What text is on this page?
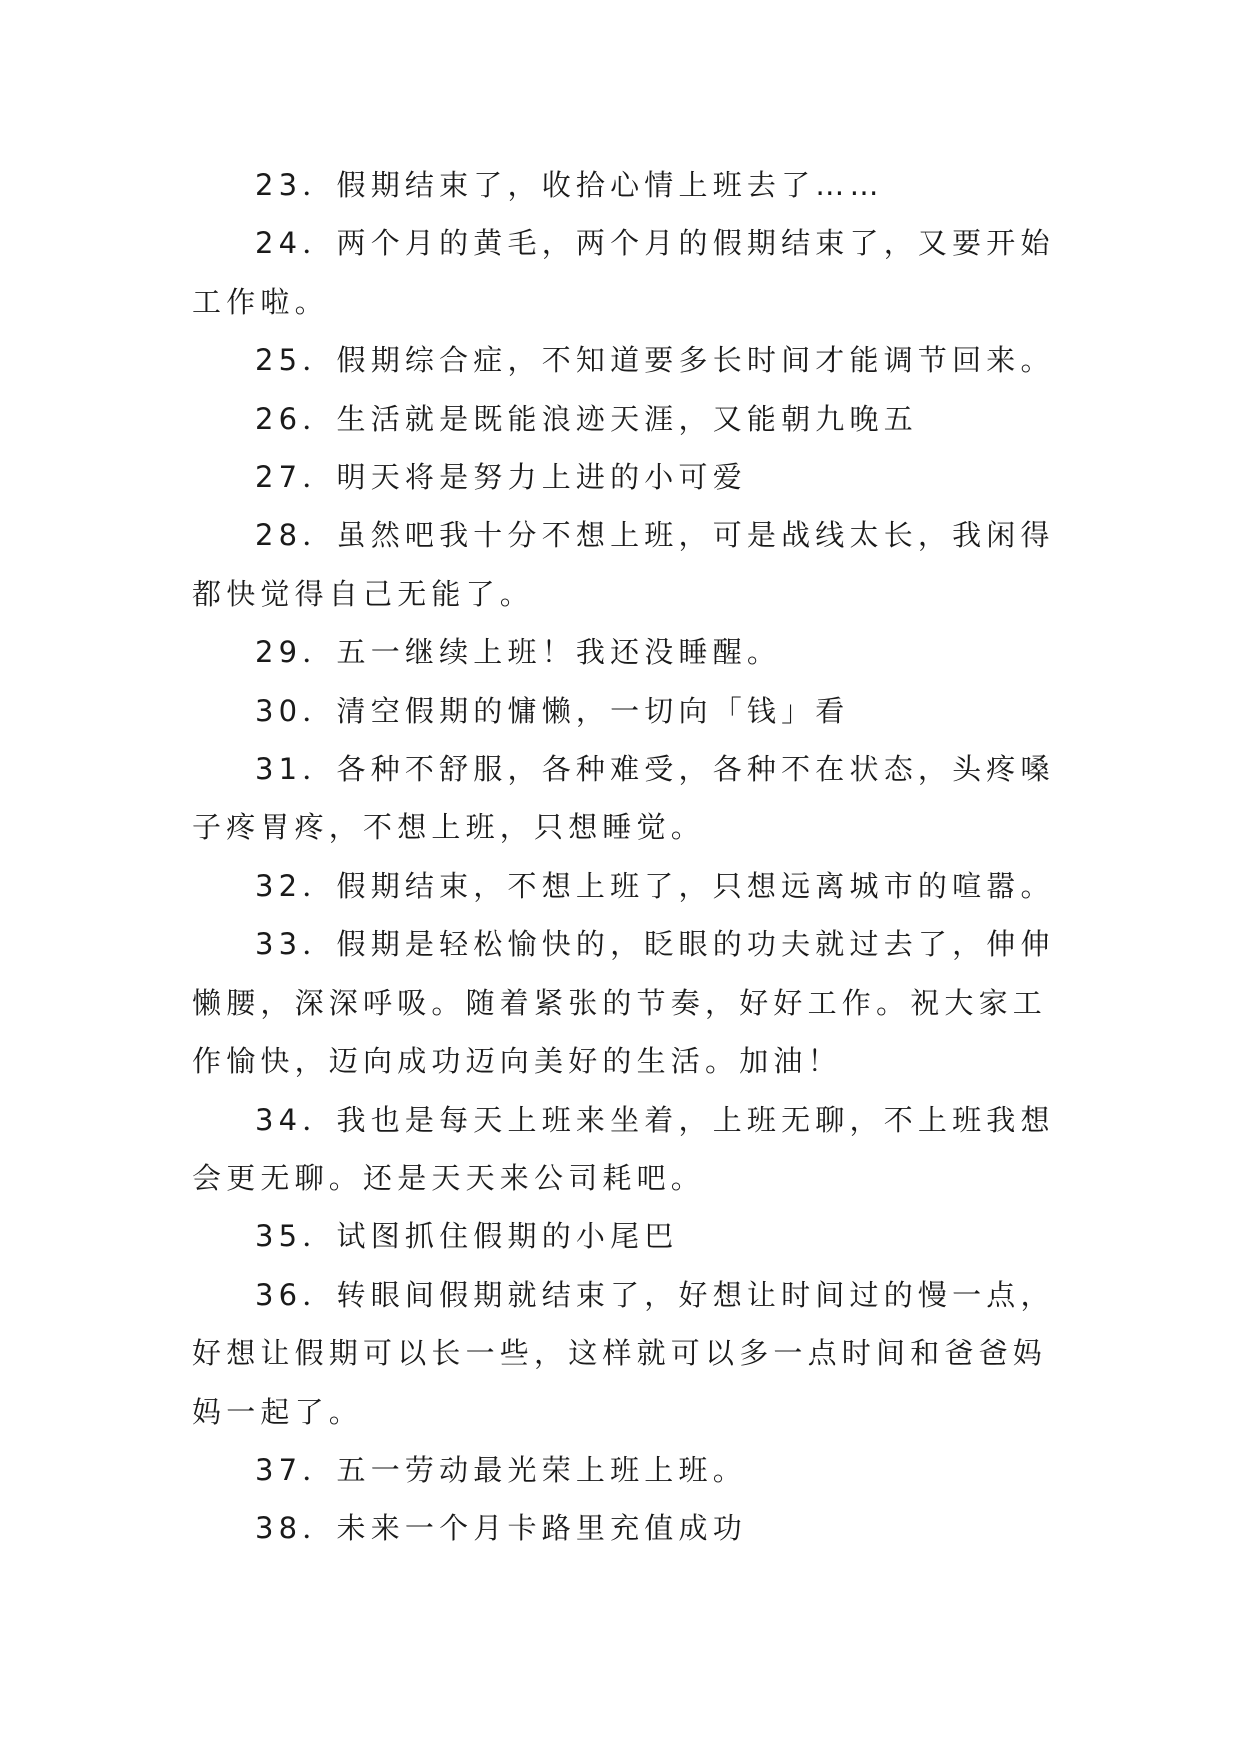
23．假期结束了，收拾心情上班去了……

24．两个月的黄毛，两个月的假期结束了，又要开始工作啦。

25．假期综合症，不知道要多长时间才能调节回来。

26．生活就是既能浪迹天涯，又能朝九晚五

27．明天将是努力上进的小可爱

28．虽然吧我十分不想上班，可是战线太长，我闲得都快觉得自己无能了。

29．五一继续上班！我还没睡醒。

30．清空假期的慵懒，一切向「钱」看

31．各种不舒服，各种难受，各种不在状态，头疼嗓子疼胃疼，不想上班，只想睡觉。

32．假期结束，不想上班了，只想远离城市的喧嚣。

33．假期是轻松愉快的，眨眼的功夫就过去了，伸伸懒腰，深深呼吸。随着紧张的节奏，好好工作。祝大家工作愉快，迈向成功迈向美好的生活。加油！

34．我也是每天上班来坐着，上班无聊，不上班我想会更无聊。还是天天来公司耗吧。

35．试图抓住假期的小尾巴

36．转眼间假期就结束了，好想让时间过的慢一点，好想让假期可以长一些，这样就可以多一点时间和爸爸妈妈一起了。

37．五一劳动最光荣上班上班。

38．未来一个月卡路里充值成功
